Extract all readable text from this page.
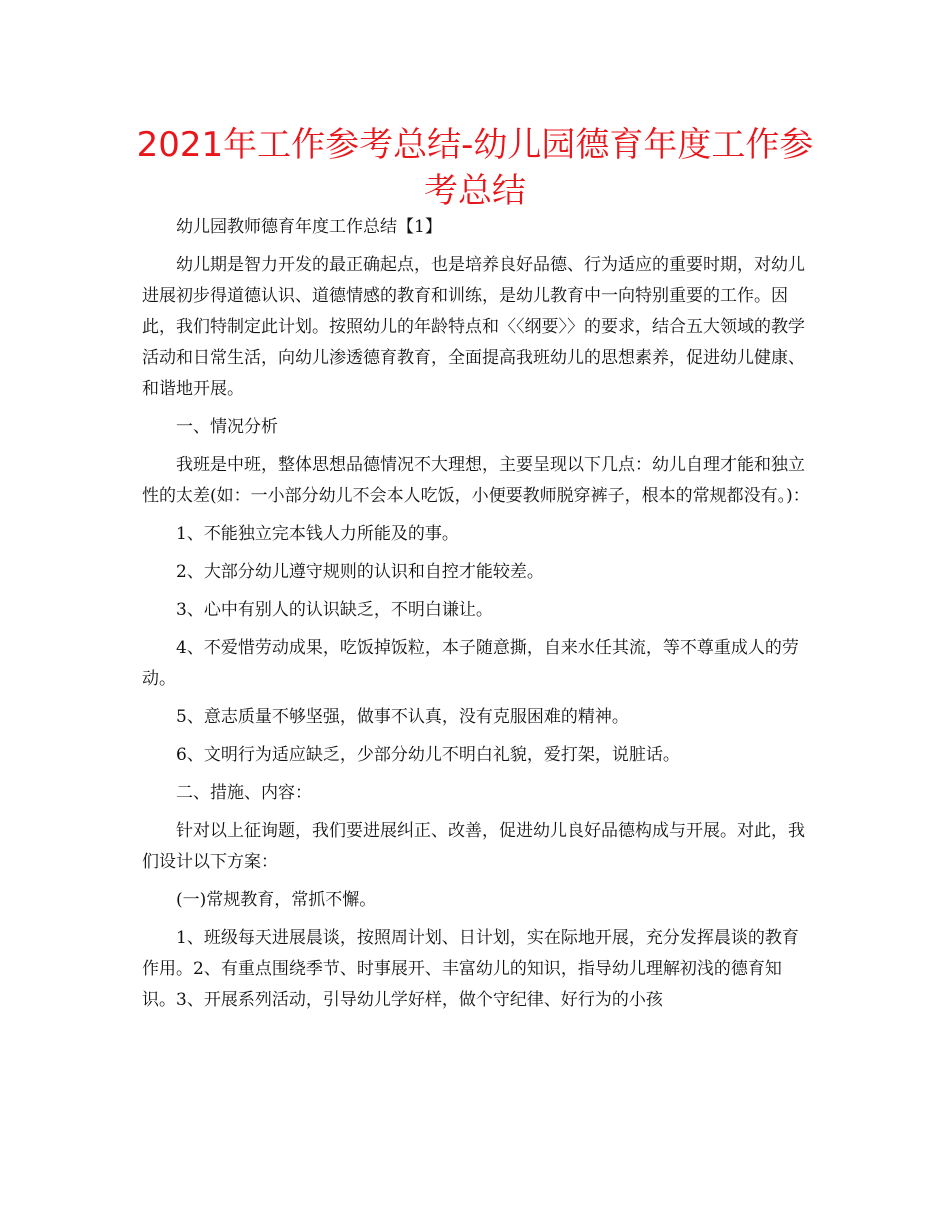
2021年工作参考总结-幼儿园德育年度工作参考总结

幼儿园教师德育年度工作总结【1】

幼儿期是智力开发的最正确起点，也是培养良好品德、行为适应的重要时期，对幼儿进展初步得道德认识、道德情感的教育和训练，是幼儿教育中一向特别重要的工作。因此，我们特制定此计划。按照幼儿的年龄特点和〈〈纲要〉〉的要求，结合五大领域的教学活动和日常生活，向幼儿渗透德育教育，全面提高我班幼儿的思想素养，促进幼儿健康、和谐地开展。

一、情况分析

我班是中班，整体思想品德情况不大理想，主要呈现以下几点：幼儿自理才能和独立性的太差(如：一小部分幼儿不会本人吃饭，小便要教师脱穿裤子，根本的常规都没有。)：

1、不能独立完本钱人力所能及的事。

2、大部分幼儿遵守规则的认识和自控才能较差。

3、心中有别人的认识缺乏，不明白谦让。

4、不爱惜劳动成果，吃饭掉饭粒，本子随意撕，自来水任其流，等不尊重成人的劳动。

5、意志质量不够坚强，做事不认真，没有克服困难的精神。

6、文明行为适应缺乏，少部分幼儿不明白礼貌，爱打架，说脏话。

二、措施、内容：

针对以上征询题，我们要进展纠正、改善，促进幼儿良好品德构成与开展。对此，我们设计以下方案：

(一)常规教育，常抓不懈。

1、班级每天进展晨谈，按照周计划、日计划，实在际地开展，充分发挥晨谈的教育作用。2、有重点围绕季节、时事展开、丰富幼儿的知识，指导幼儿理解初浅的德育知识。3、开展系列活动，引导幼儿学好样，做个守纪律、好行为的小孩
